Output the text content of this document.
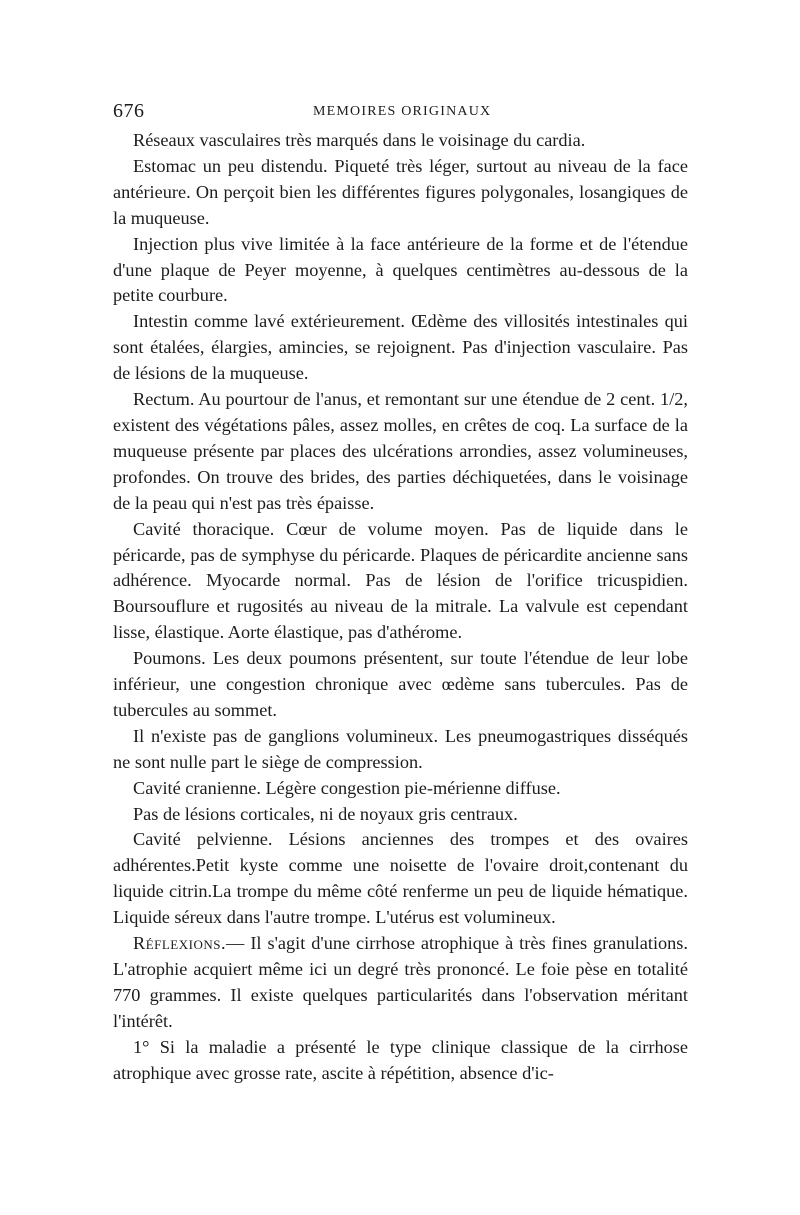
676	MEMOIRES ORIGINAUX

Réseaux vasculaires très marqués dans le voisinage du cardia.

Estomac un peu distendu. Piqueté très léger, surtout au niveau de la face antérieure. On perçoit bien les différentes figures polygonales, losangiques de la muqueuse.

Injection plus vive limitée à la face antérieure de la forme et de l'étendue d'une plaque de Peyer moyenne, à quelques centimètres au-dessous de la petite courbure.

Intestin comme lavé extérieurement. Œdème des villosités intestinales qui sont étalées, élargies, amincies, se rejoignent. Pas d'injection vasculaire. Pas de lésions de la muqueuse.

Rectum. Au pourtour de l'anus, et remontant sur une étendue de 2 cent. 1/2, existent des végétations pâles, assez molles, en crêtes de coq. La surface de la muqueuse présente par places des ulcérations arrondies, assez volumineuses, profondes. On trouve des brides, des parties déchiquetées, dans le voisinage de la peau qui n'est pas très épaisse.

Cavité thoracique. Cœur de volume moyen. Pas de liquide dans le péricarde, pas de symphyse du péricarde. Plaques de péricardite ancienne sans adhérence. Myocarde normal. Pas de lésion de l'orifice tricuspidien. Boursouflure et rugosités au niveau de la mitrale. La valvule est cependant lisse, élastique. Aorte élastique, pas d'athérome.

Poumons. Les deux poumons présentent, sur toute l'étendue de leur lobe inférieur, une congestion chronique avec œdème sans tubercules. Pas de tubercules au sommet.

Il n'existe pas de ganglions volumineux. Les pneumogastriques disséqués ne sont nulle part le siège de compression.

Cavité cranienne. Légère congestion pie-mérienne diffuse.

Pas de lésions corticales, ni de noyaux gris centraux.

Cavité pelvienne. Lésions anciennes des trompes et des ovaires adhérentes.Petit kyste comme une noisette de l'ovaire droit,contenant du liquide citrin.La trompe du même côté renferme un peu de liquide hématique. Liquide séreux dans l'autre trompe. L'utérus est volumineux.

Réflexions.— Il s'agit d'une cirrhose atrophique à très fines granulations. L'atrophie acquiert même ici un degré très prononcé. Le foie pèse en totalité 770 grammes. Il existe quelques particularités dans l'observation méritant l'intérêt.

1° Si la maladie a présenté le type clinique classique de la cirrhose atrophique avec grosse rate, ascite à répétition, absence d'ic-
